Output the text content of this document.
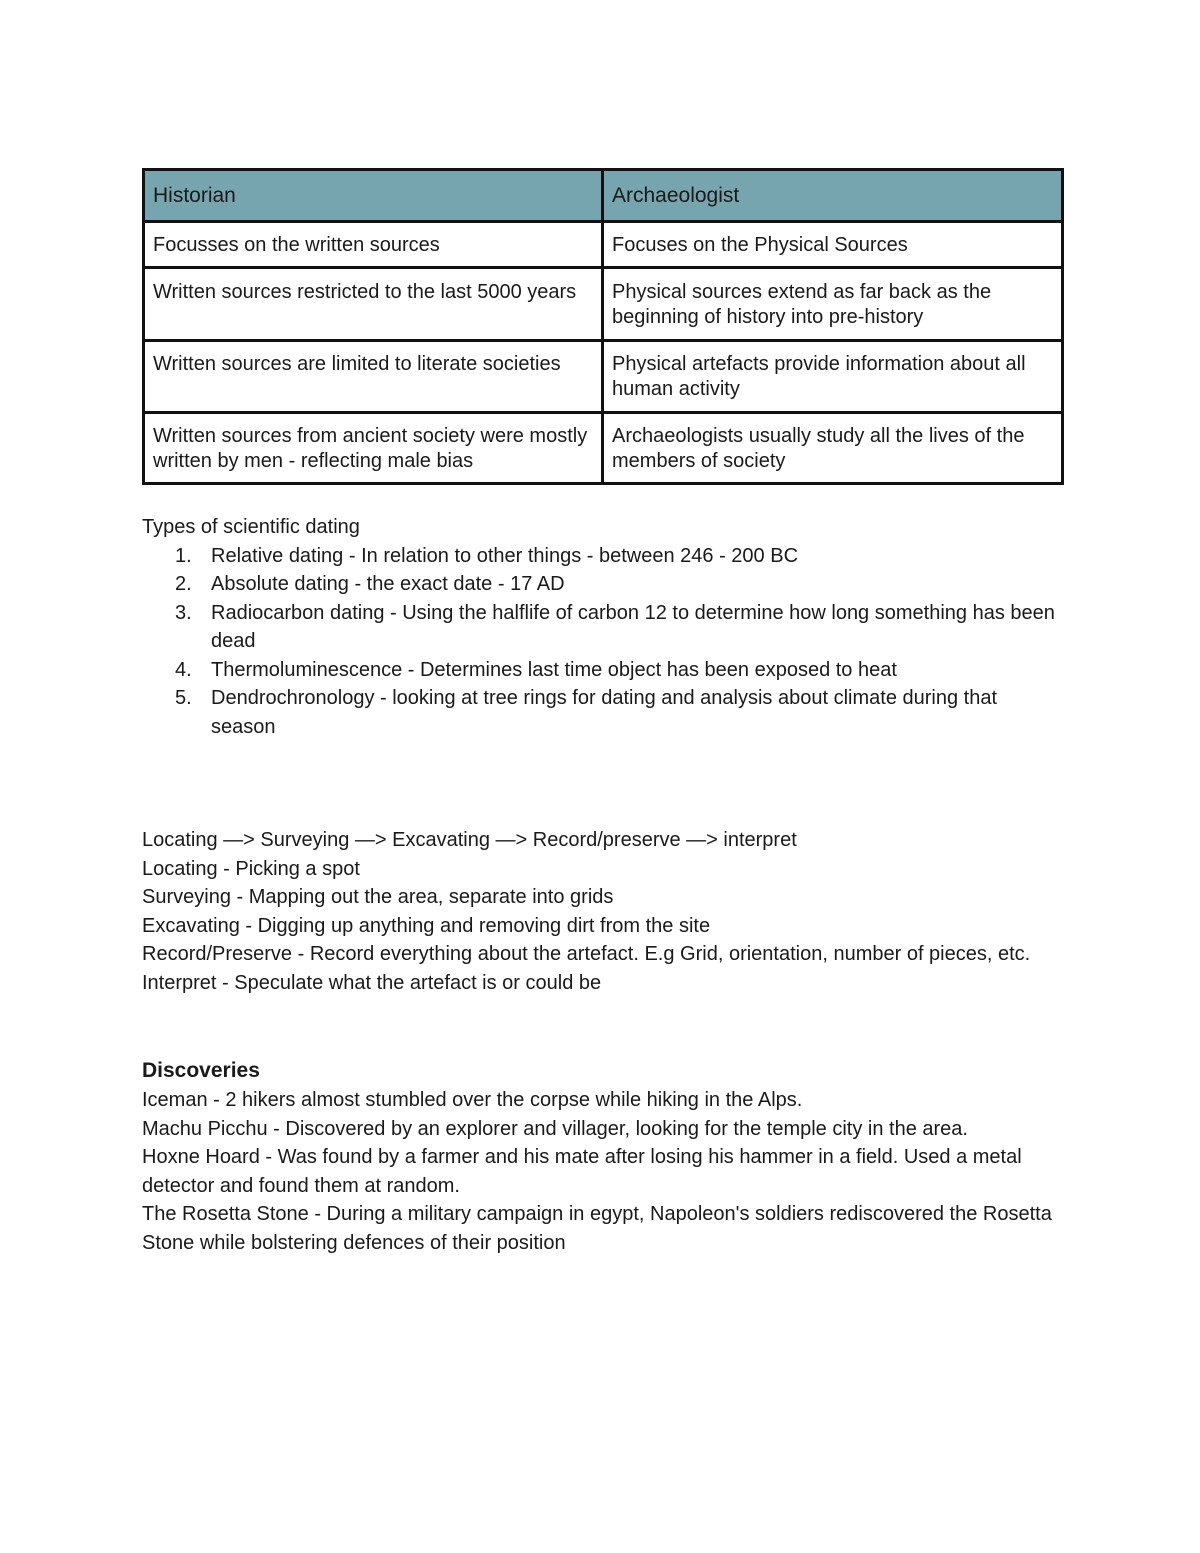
Historian	Archaeologist
Focusses on the written sources	Focuses on the Physical Sources
Written sources restricted to the last 5000 years	Physical sources extend as far back as the beginning of history into pre-history
Written sources are limited to literate societies	Physical artefacts provide information about all human activity
Written sources from ancient society were mostly written by men - reflecting male bias	Archaeologists usually study all the lives of the members of society

Types of scientific dating

1. Relative dating - In relation to other things - between 246 - 200 BC
2. Absolute dating - the exact date - 17 AD
3. Radiocarbon dating - Using the halflife of carbon 12 to determine how long something has been dead
4. Thermoluminescence - Determines last time object has been exposed to heat
5. Dendrochronology - looking at tree rings for dating and analysis about climate during that season

Locating —> Surveying —> Excavating —> Record/preserve —> interpret

Locating - Picking a spot

Surveying - Mapping out the area, separate into grids

Excavating - Digging up anything and removing dirt from the site

Record/Preserve - Record everything about the artefact. E.g Grid, orientation, number of pieces, etc.

Interpret - Speculate what the artefact is or could be

Discoveries

Iceman - 2 hikers almost stumbled over the corpse while hiking in the Alps.

Machu Picchu - Discovered by an explorer and villager, looking for the temple city in the area.

Hoxne Hoard - Was found by a farmer and his mate after losing his hammer in a field. Used a metal detector and found them at random.

The Rosetta Stone - During a military campaign in egypt, Napoleon's soldiers rediscovered the Rosetta Stone while bolstering defences of their position
